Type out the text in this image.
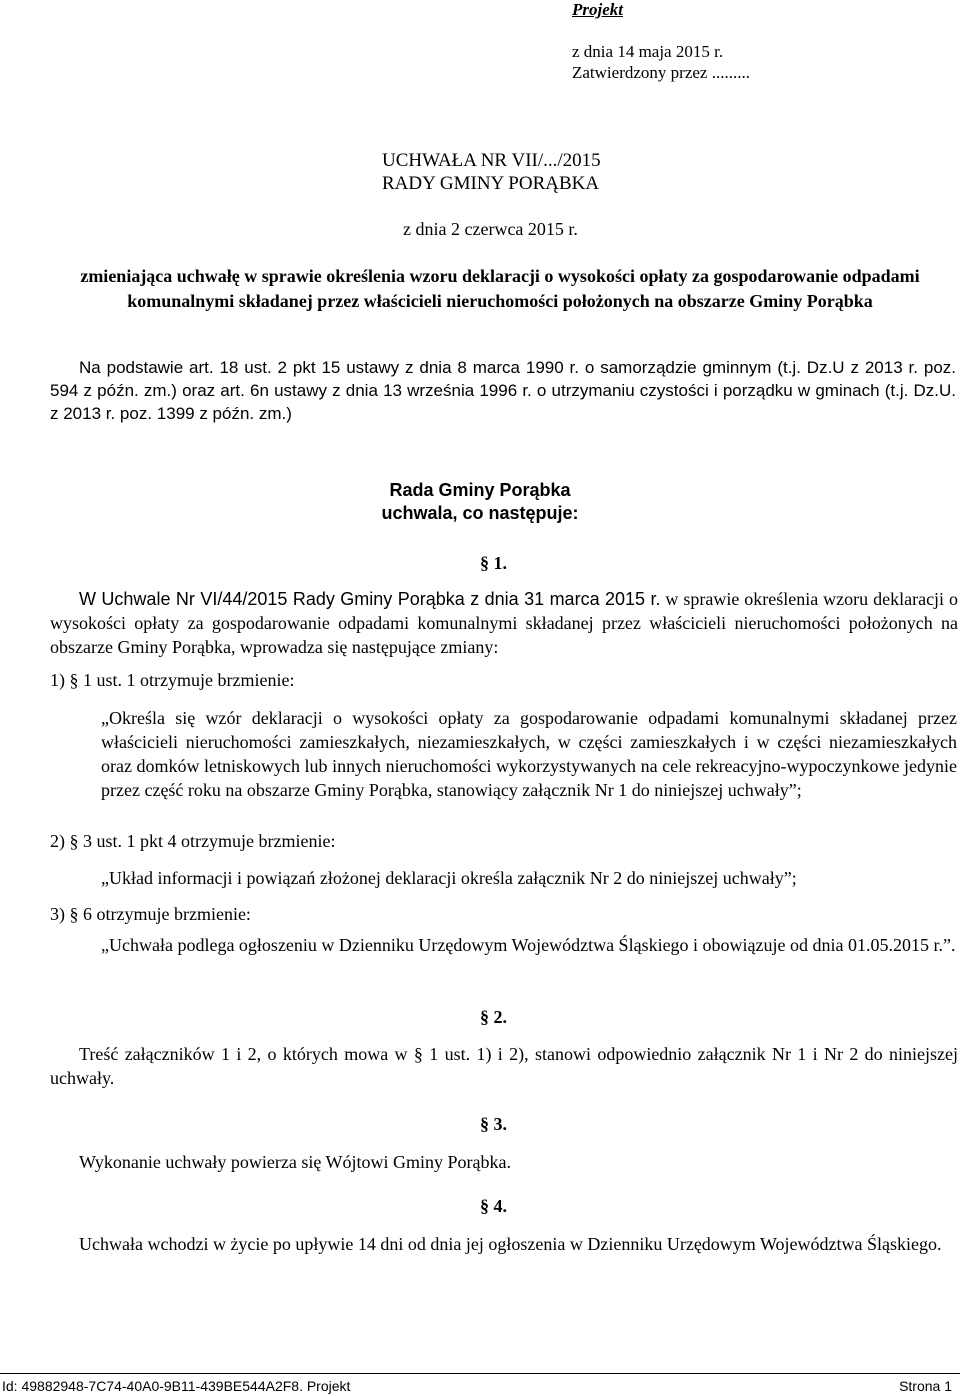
Projekt
z dnia 14 maja 2015 r.
Zatwierdzony przez .........
UCHWAŁA NR VII/.../2015
RADY GMINY PORĄBKA
z dnia 2 czerwca 2015 r.
zmieniająca uchwałę w sprawie określenia wzoru deklaracji o wysokości opłaty za gospodarowanie odpadami komunalnymi składanej przez właścicieli nieruchomości położonych na obszarze Gminy Porąbka
Na podstawie art. 18 ust. 2 pkt 15 ustawy z dnia 8 marca 1990 r. o samorządzie gminnym (t.j. Dz.U z 2013 r. poz. 594 z późn. zm.) oraz art. 6n ustawy z dnia 13 września 1996 r. o utrzymaniu czystości i porządku w gminach (t.j. Dz.U. z 2013 r. poz. 1399 z późn. zm.)
Rada Gminy Porąbka
uchwala, co następuje:
§ 1.
W Uchwale Nr VI/44/2015 Rady Gminy Porąbka z dnia 31 marca 2015 r. w sprawie określenia wzoru deklaracji o wysokości opłaty za gospodarowanie odpadami komunalnymi składanej przez właścicieli nieruchomości położonych na obszarze Gminy Porąbka, wprowadza się następujące zmiany:
1) § 1 ust. 1 otrzymuje brzmienie:
„Określa się wzór deklaracji o wysokości opłaty za gospodarowanie odpadami komunalnymi składanej przez właścicieli nieruchomości zamieszkałych, niezamieszkałych, w części zamieszkałych i w części niezamieszkałych oraz domków letniskowych lub innych nieruchomości wykorzystywanych na cele rekreacyjno-wypoczynkowe jedynie przez część roku na obszarze Gminy Porąbka, stanowiący załącznik Nr 1 do niniejszej uchwały”;
2) § 3 ust. 1 pkt 4 otrzymuje brzmienie:
„Układ informacji i powiązań złożonej deklaracji określa załącznik Nr 2 do niniejszej uchwały”;
3) § 6 otrzymuje brzmienie:
„Uchwała podlega ogłoszeniu w Dzienniku Urzędowym Województwa Śląskiego i obowiązuje od dnia 01.05.2015 r.”.
§ 2.
Treść załączników 1 i 2, o których mowa w § 1 ust. 1) i 2), stanowi odpowiednio załącznik Nr 1 i Nr 2 do niniejszej uchwały.
§ 3.
Wykonanie uchwały powierza się Wójtowi Gminy Porąbka.
§ 4.
Uchwała wchodzi w życie po upływie 14 dni od dnia jej ogłoszenia w Dzienniku Urzędowym Województwa Śląskiego.
Id: 49882948-7C74-40A0-9B11-439BE544A2F8. Projekt	Strona 1
